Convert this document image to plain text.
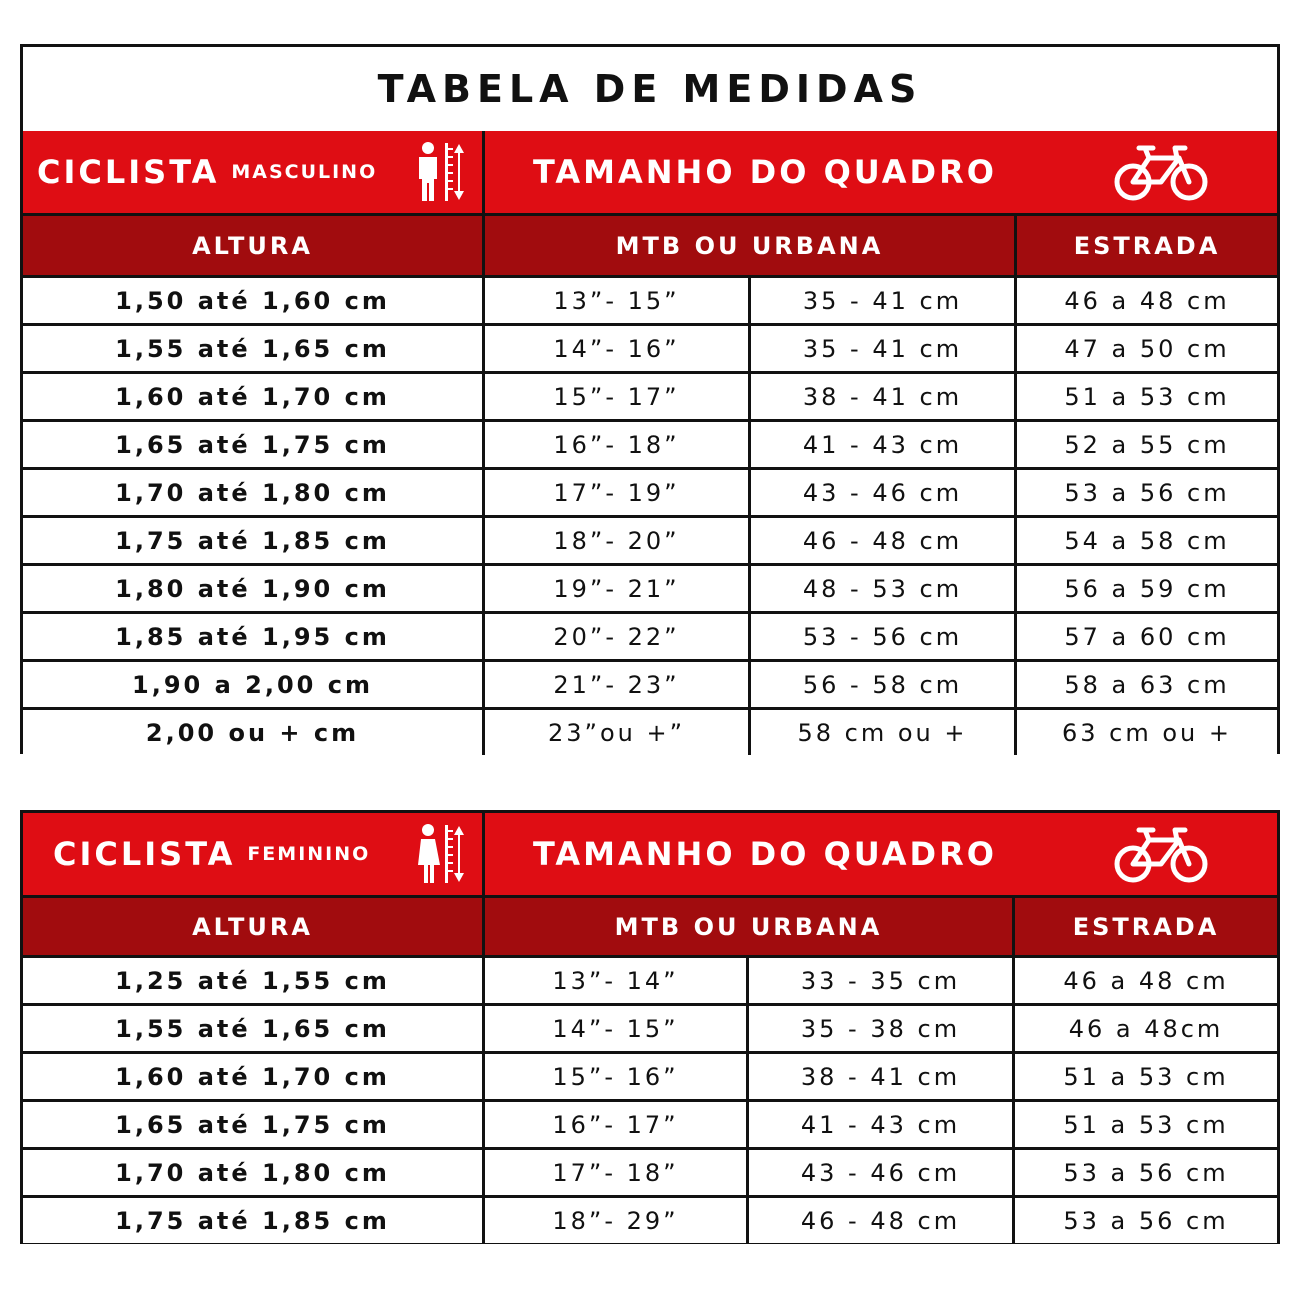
TABELA DE MEDIDAS
CICLISTA MASCULINO	TAMANHO DO QUADRO
ALTURA	MTB OU URBANA	ESTRADA
1,50 até 1,60 cm	13”- 15”	35 - 41 cm	46 a 48 cm
1,55 até 1,65 cm	14”- 16”	35 - 41 cm	47 a 50 cm
1,60 até 1,70 cm	15”- 17”	38 - 41 cm	51 a 53 cm
1,65 até 1,75 cm	16”- 18”	41 - 43 cm	52 a 55 cm
1,70 até 1,80 cm	17”- 19”	43 - 46 cm	53 a 56 cm
1,75 até 1,85 cm	18”- 20”	46 - 48 cm	54 a 58 cm
1,80 até 1,90 cm	19”- 21”	48 - 53 cm	56 a 59 cm
1,85 até 1,95 cm	20”- 22”	53 - 56 cm	57 a 60 cm
1,90 a 2,00 cm	21”- 23”	56 - 58 cm	58 a 63 cm
2,00 ou + cm	23”ou +”	58 cm ou +	63 cm ou +
CICLISTA FEMININO	TAMANHO DO QUADRO
ALTURA	MTB OU URBANA	ESTRADA
1,25 até 1,55 cm	13”- 14”	33 - 35 cm	46 a 48 cm
1,55 até 1,65 cm	14”- 15”	35 - 38 cm	46 a 48cm
1,60 até 1,70 cm	15”- 16”	38 - 41 cm	51 a 53 cm
1,65 até 1,75 cm	16”- 17”	41 - 43 cm	51 a 53 cm
1,70 até 1,80 cm	17”- 18”	43 - 46 cm	53 a 56 cm
1,75 até 1,85 cm	18”- 29”	46 - 48 cm	53 a 56 cm
